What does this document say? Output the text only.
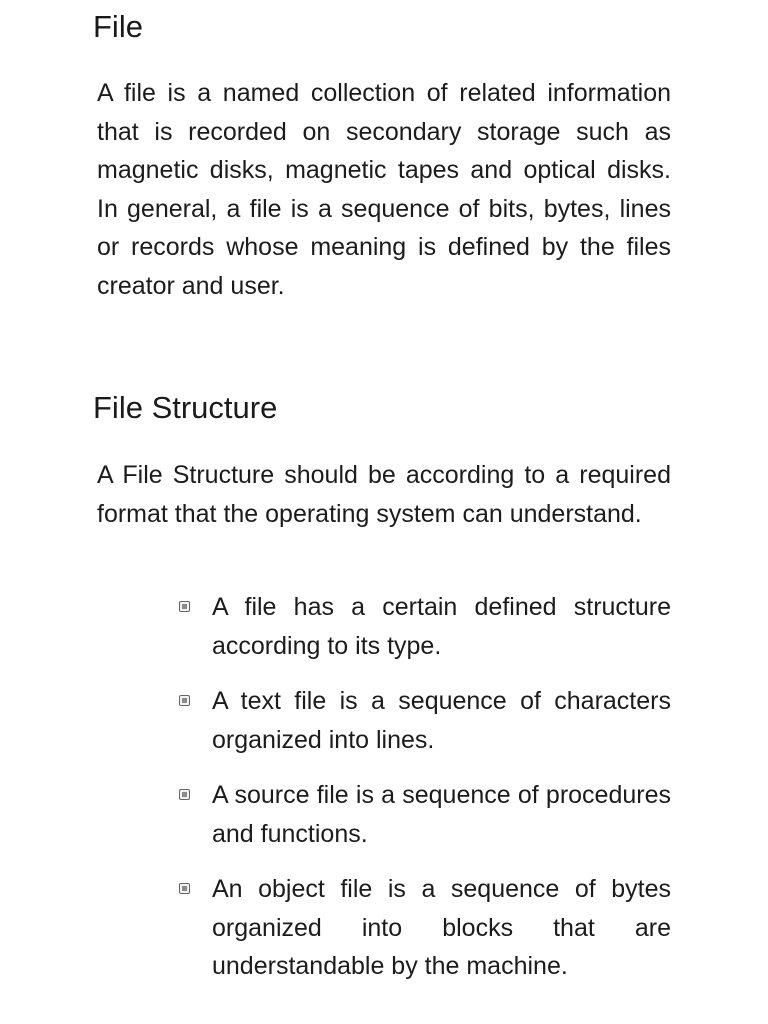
File

A file is a named collection of related information that is recorded on secondary storage such as magnetic disks, magnetic tapes and optical disks. In general, a file is a sequence of bits, bytes, lines or records whose meaning is defined by the files creator and user.

File Structure

A File Structure should be according to a required format that the operating system can understand.

A file has a certain defined structure according to its type.
A text file is a sequence of characters organized into lines.
A source file is a sequence of procedures and functions.
An object file is a sequence of bytes organized into blocks that are understandable by the machine.
